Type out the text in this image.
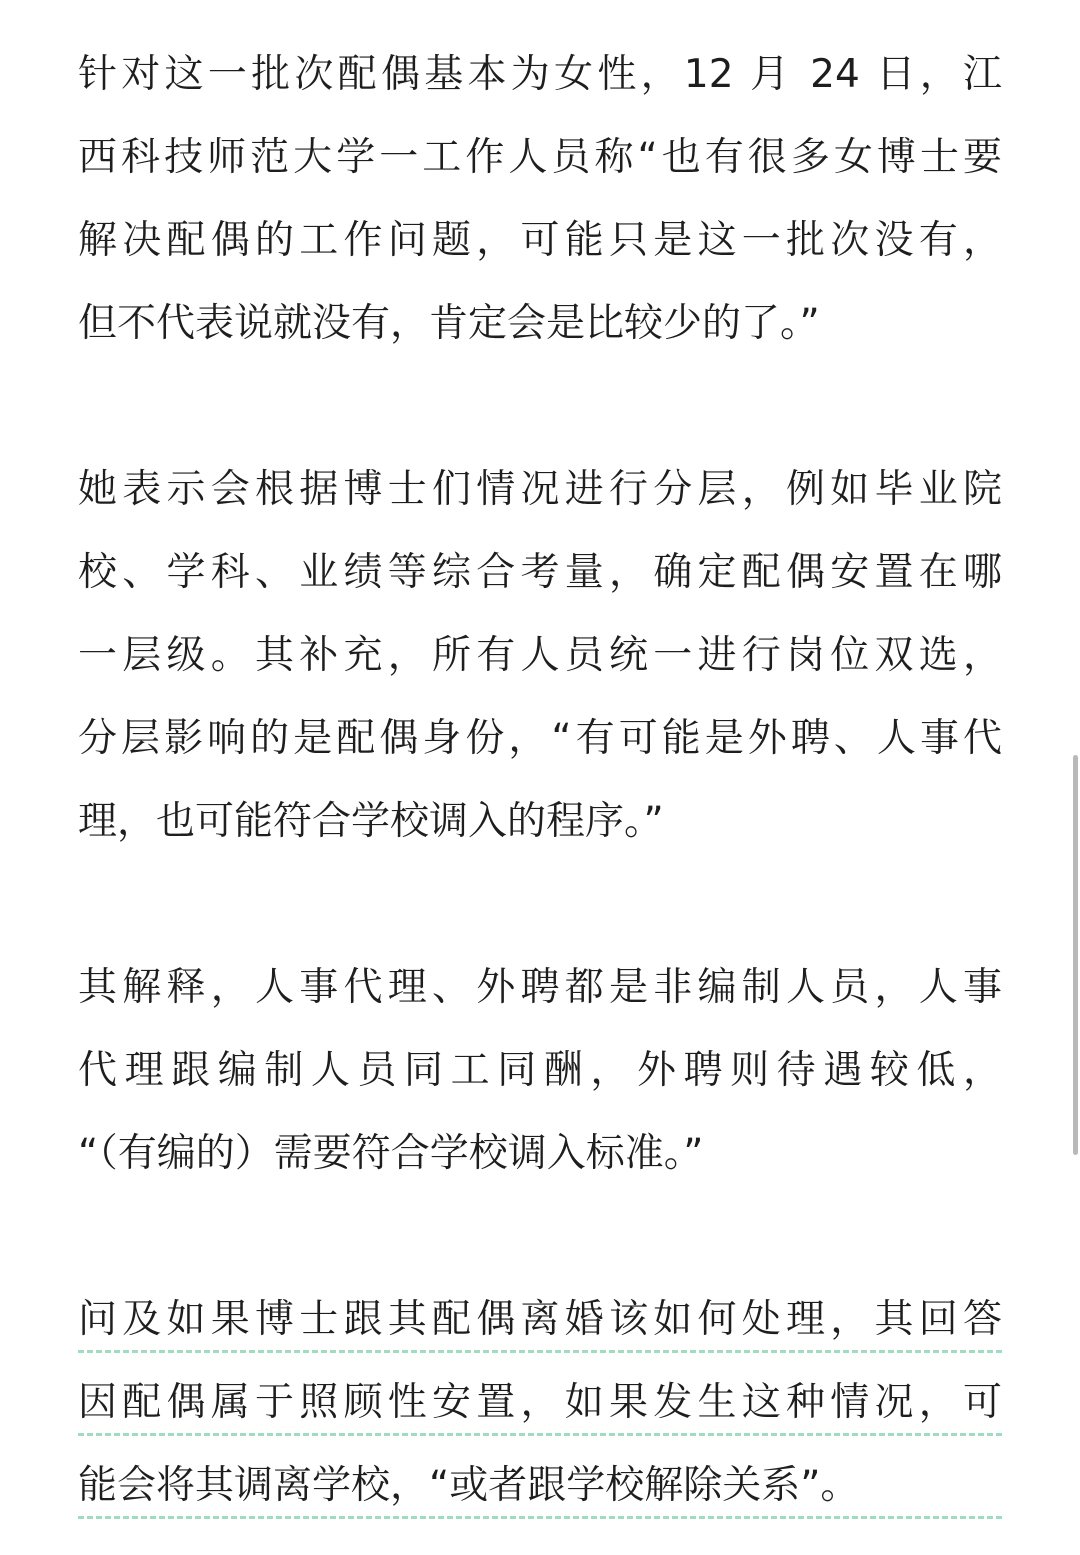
针对这一批次配偶基本为女性，12 月 24 日，江
西科技师范大学一工作人员称“也有很多女博士要
解决配偶的工作问题，可能只是这一批次没有，
但不代表说就没有，肯定会是比较少的了。”
她表示会根据博士们情况进行分层，例如毕业院
校、学科、业绩等综合考量，确定配偶安置在哪
一层级。其补充，所有人员统一进行岗位双选，
分层影响的是配偶身份，“有可能是外聘、人事代
理，也可能符合学校调入的程序。”
其解释，人事代理、外聘都是非编制人员，人事
代理跟编制人员同工同酬，外聘则待遇较低，
“（有编的）需要符合学校调入标准。”
问及如果博士跟其配偶离婚该如何处理，其回答
因配偶属于照顾性安置，如果发生这种情况，可
能会将其调离学校，“或者跟学校解除关系”。
